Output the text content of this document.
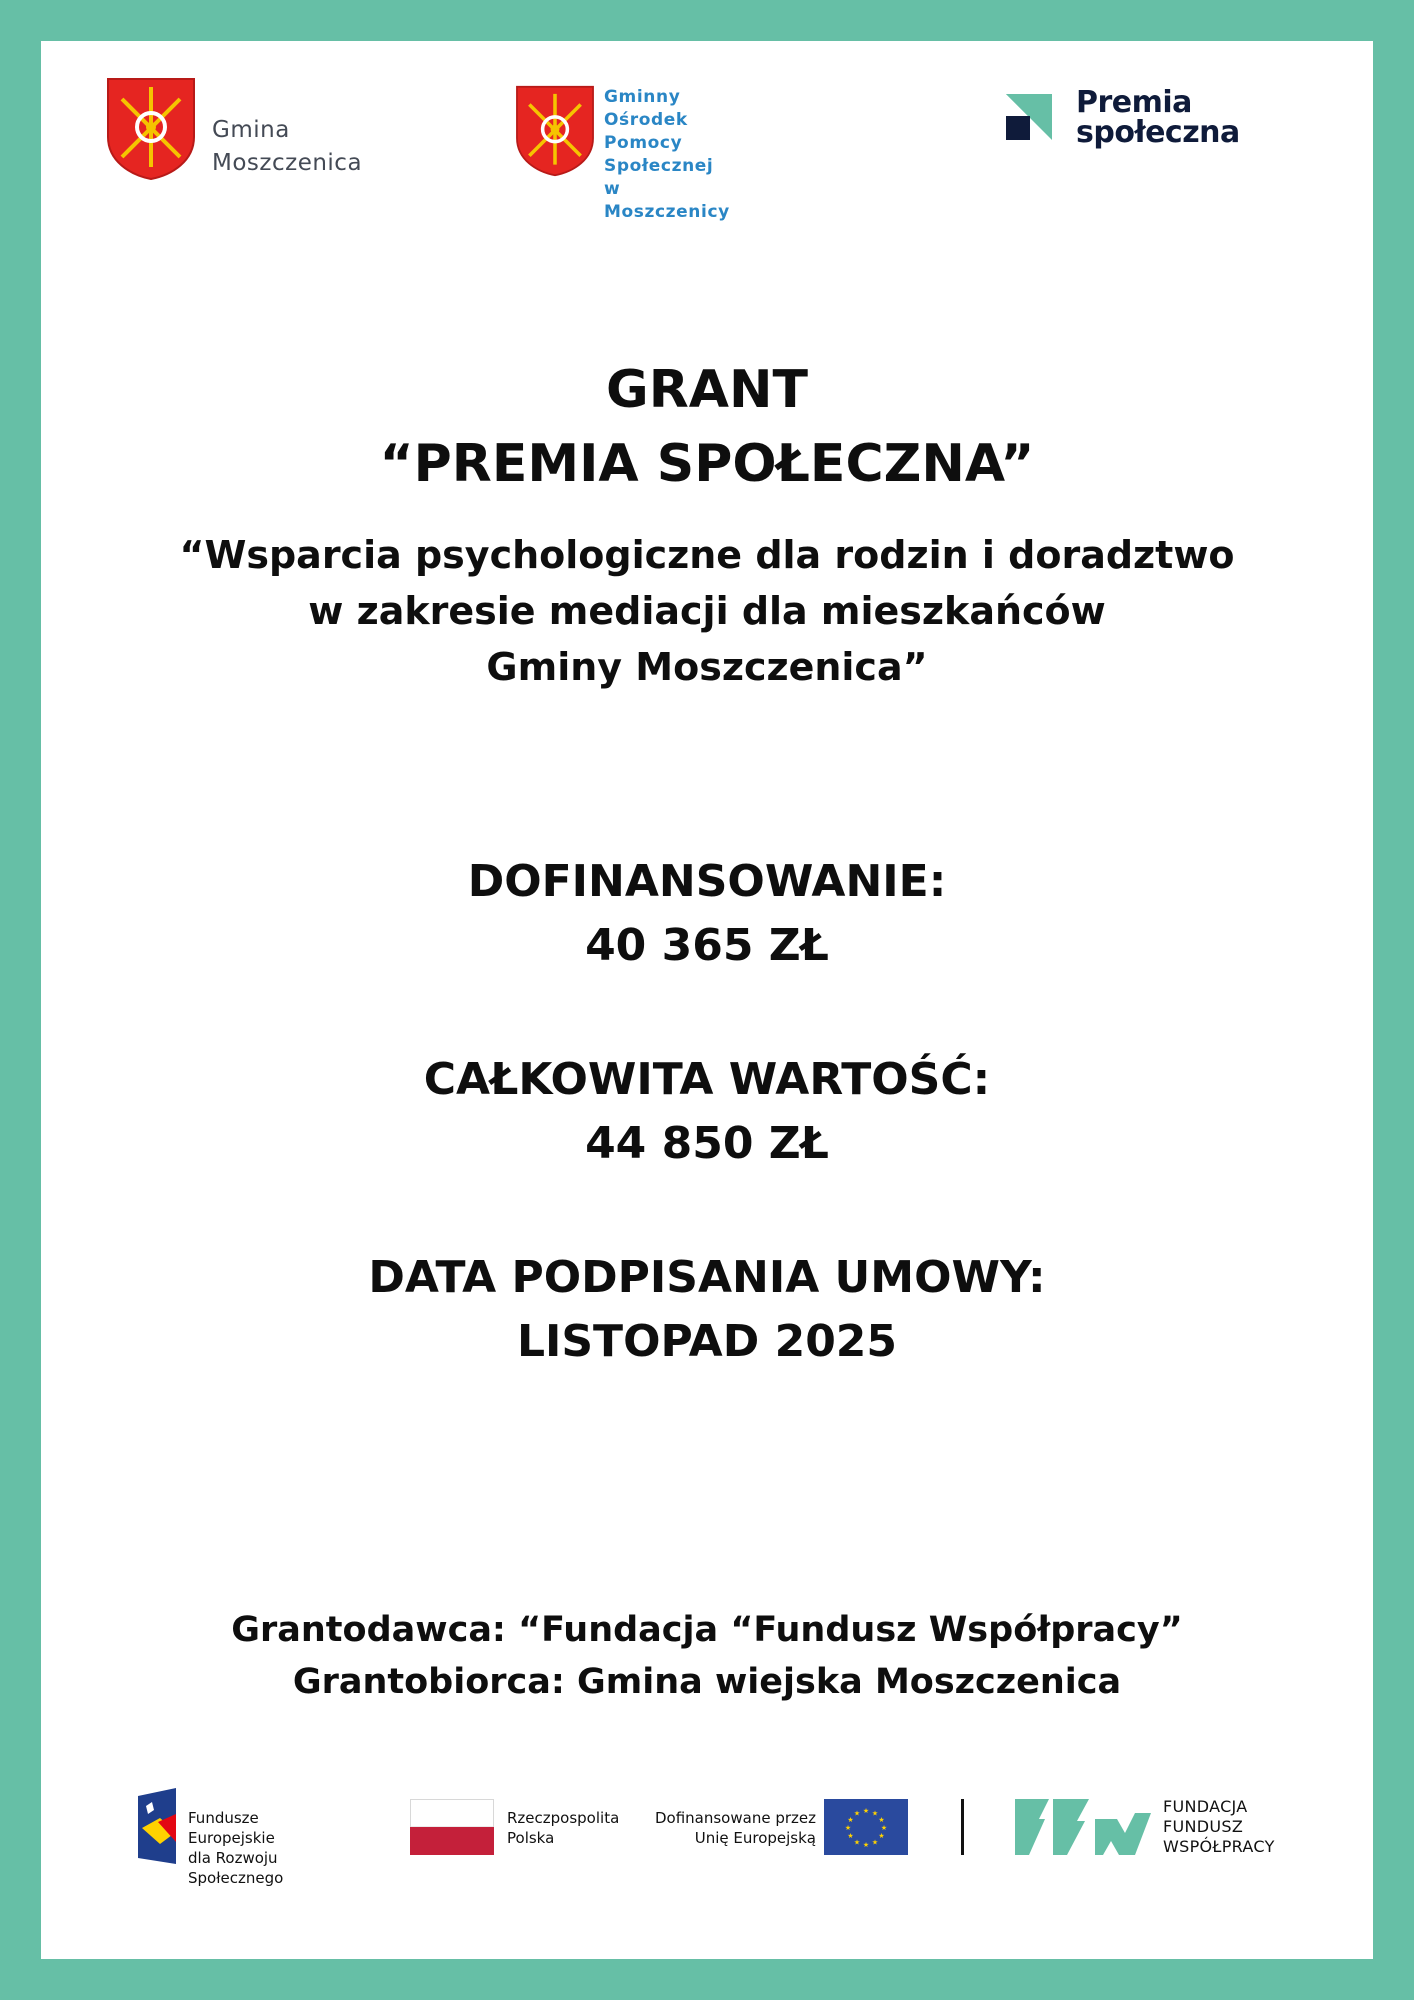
Gmina
Moszczenica
Gminny Ośrodek Pomocy
Społecznej w Moszczenicy
Premia
społeczna
GRANT
“PREMIA SPOŁECZNA”
“Wsparcia psychologiczne dla rodzin i doradztwo
w zakresie mediacji dla mieszkańców
Gminy Moszczenica”
DOFINANSOWANIE:
40 365 ZŁ
CAŁKOWITA WARTOŚĆ:
44 850 ZŁ
DATA PODPISANIA UMOWY:
LISTOPAD 2025
Grantodawca: “Fundacja “Fundusz Współpracy”
Grantobiorca: Gmina wiejska Moszczenica
Fundusze Europejskie
dla Rozwoju Społecznego
Rzeczpospolita
Polska
Dofinansowane przez
Unię Europejską
★ ★
★
★
★
★
★
★
★
★
★
★	FUNDACJA
FUNDUSZ
WSPÓŁPRACY
